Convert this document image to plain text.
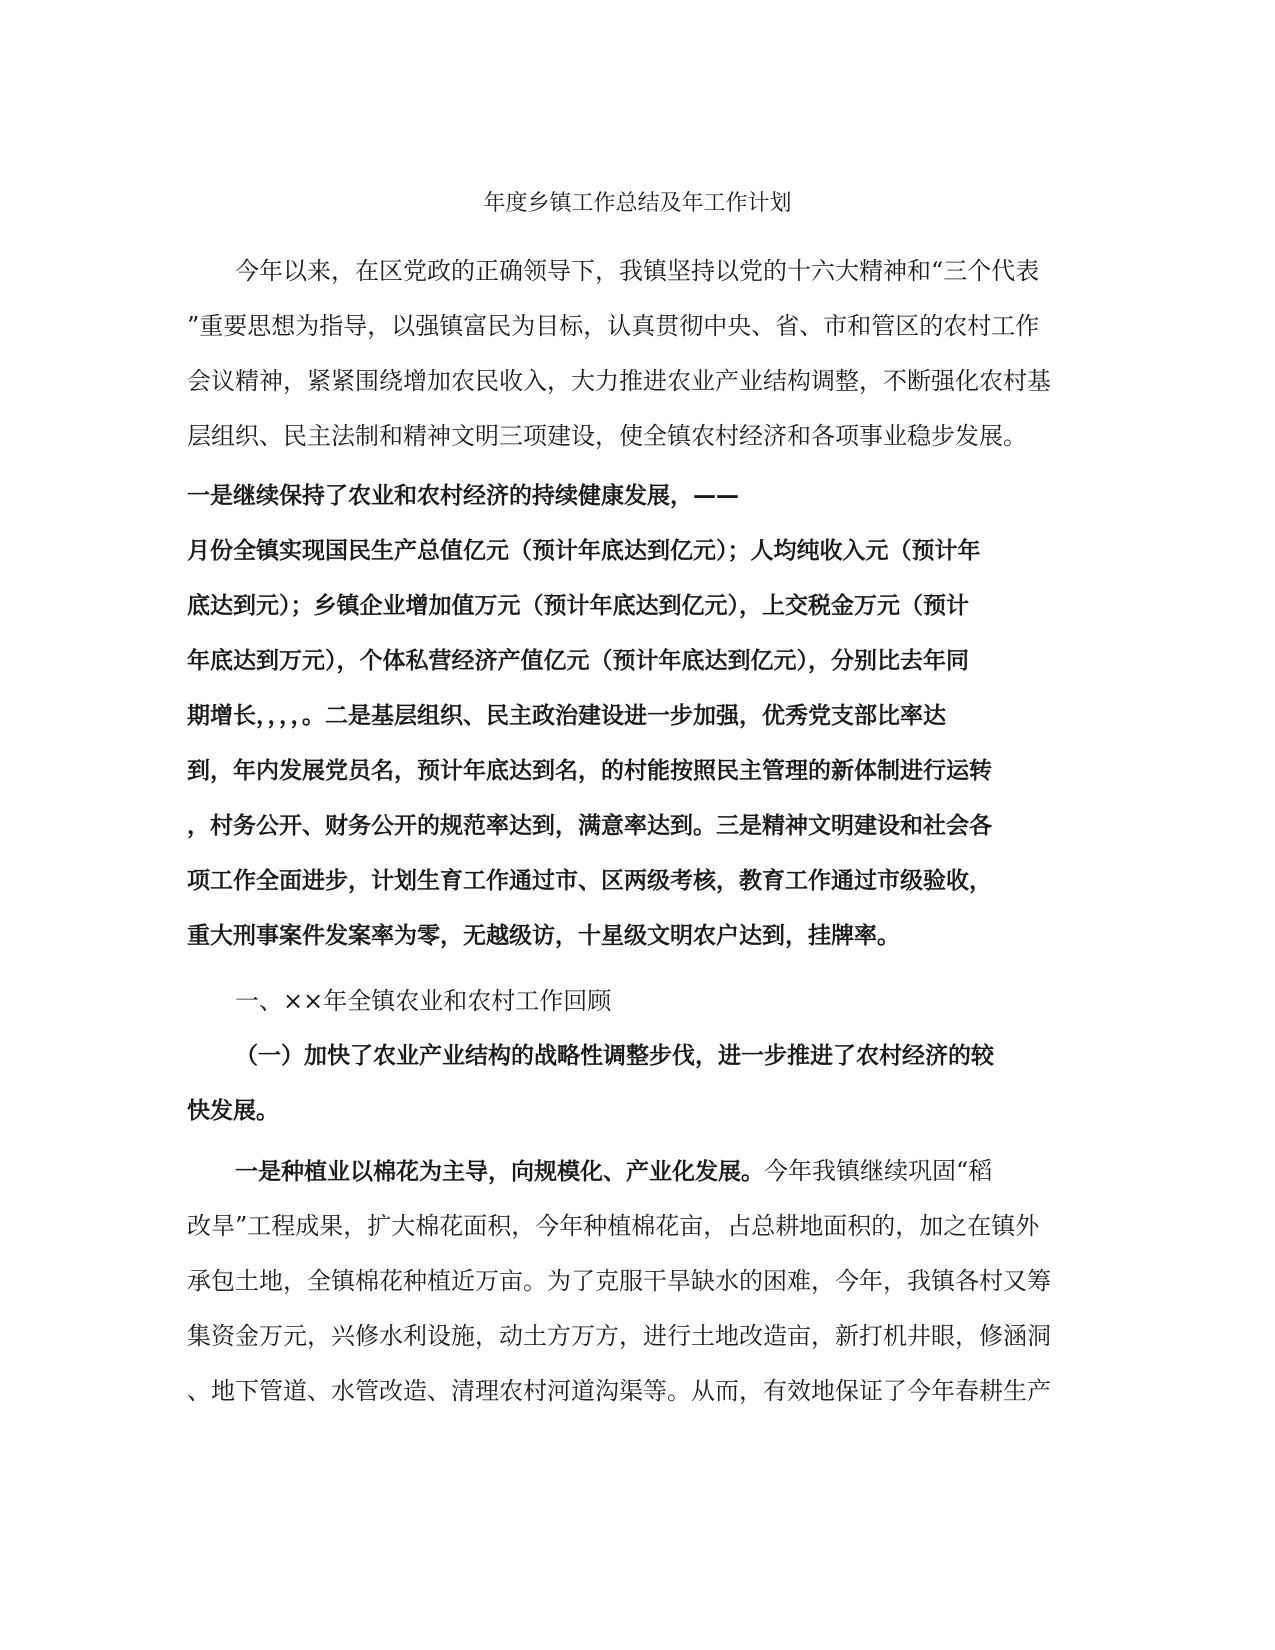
年度乡镇工作总结及年工作计划
今年以来，在区党政的正确领导下，我镇坚持以党的十六大精神和“三个代表
”重要思想为指导，以强镇富民为目标，认真贯彻中央、省、市和管区的农村工作
会议精神，紧紧围绕增加农民收入，大力推进农业产业结构调整，不断强化农村基
层组织、民主法制和精神文明三项建设，使全镇农村经济和各项事业稳步发展。
一是继续保持了农业和农村经济的持续健康发展，——
月份全镇实现国民生产总值亿元（预计年底达到亿元）；人均纯收入元（预计年
底达到元）；乡镇企业增加值万元（预计年底达到亿元），上交税金万元（预计
年底达到万元），个体私营经济产值亿元（预计年底达到亿元），分别比去年同
期增长，，，，。二是基层组织、民主政治建设进一步加强，优秀党支部比率达
到，年内发展党员名，预计年底达到名，的村能按照民主管理的新体制进行运转
，村务公开、财务公开的规范率达到，满意率达到。三是精神文明建设和社会各
项工作全面进步，计划生育工作通过市、区两级考核，教育工作通过市级验收，
重大刑事案件发案率为零，无越级访，十星级文明农户达到，挂牌率。
一、××年全镇农业和农村工作回顾
（一）加快了农业产业结构的战略性调整步伐，进一步推进了农村经济的较
快发展。
一是种植业以棉花为主导，向规模化、产业化发展。今年我镇继续巩固“稻
改旱”工程成果，扩大棉花面积，今年种植棉花亩，占总耕地面积的，加之在镇外
承包土地，全镇棉花种植近万亩。为了克服干旱缺水的困难，今年，我镇各村又筹
集资金万元，兴修水利设施，动土方万方，进行土地改造亩，新打机井眼，修涵洞
、地下管道、水管改造、清理农村河道沟渠等。从而，有效地保证了今年春耕生产
